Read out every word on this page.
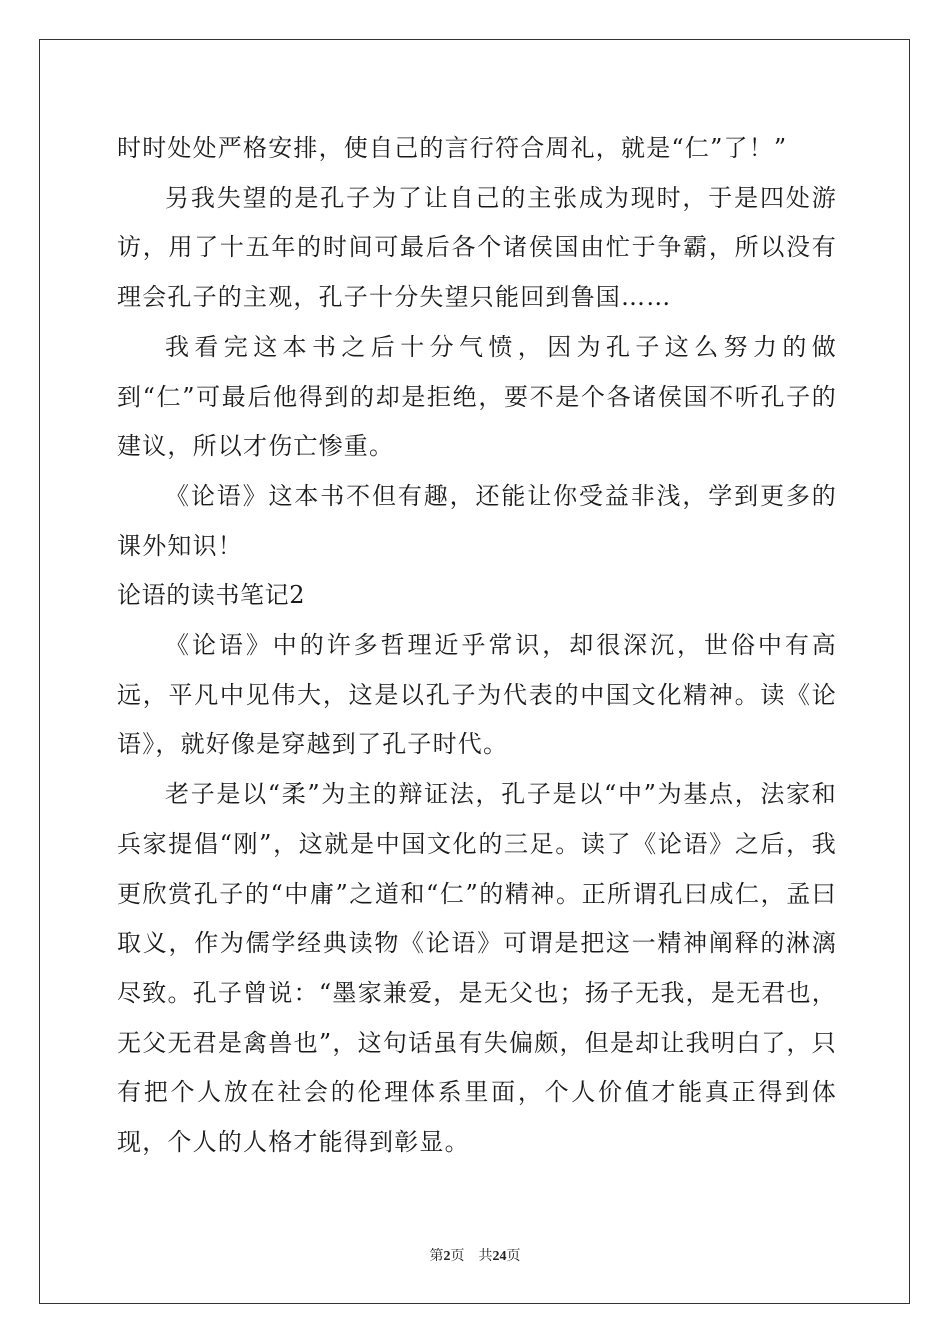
时时处处严格安排，使自己的言行符合周礼，就是“仁”了！”

另我失望的是孔子为了让自己的主张成为现时，于是四处游访，用了十五年的时间可最后各个诸侯国由忙于争霸，所以没有理会孔子的主观，孔子十分失望只能回到鲁国……

我看完这本书之后十分气愤，因为孔子这么努力的做到“仁”可最后他得到的却是拒绝，要不是个各诸侯国不听孔子的建议，所以才伤亡惨重。

《论语》这本书不但有趣，还能让你受益非浅，学到更多的课外知识！

论语的读书笔记2

《论语》中的许多哲理近乎常识，却很深沉，世俗中有高远，平凡中见伟大，这是以孔子为代表的中国文化精神。读《论语》，就好像是穿越到了孔子时代。

老子是以“柔”为主的辩证法，孔子是以“中”为基点，法家和兵家提倡“刚”，这就是中国文化的三足。读了《论语》之后，我更欣赏孔子的“中庸”之道和“仁”的精神。正所谓孔曰成仁，孟曰取义，作为儒学经典读物《论语》可谓是把这一精神阐释的淋漓尽致。孔子曾说：“墨家兼爱，是无父也；扬子无我，是无君也，无父无君是禽兽也”，这句话虽有失偏颇，但是却让我明白了，只有把个人放在社会的伦理体系里面，个人价值才能真正得到体现，个人的人格才能得到彰显。

第2页 共24页
